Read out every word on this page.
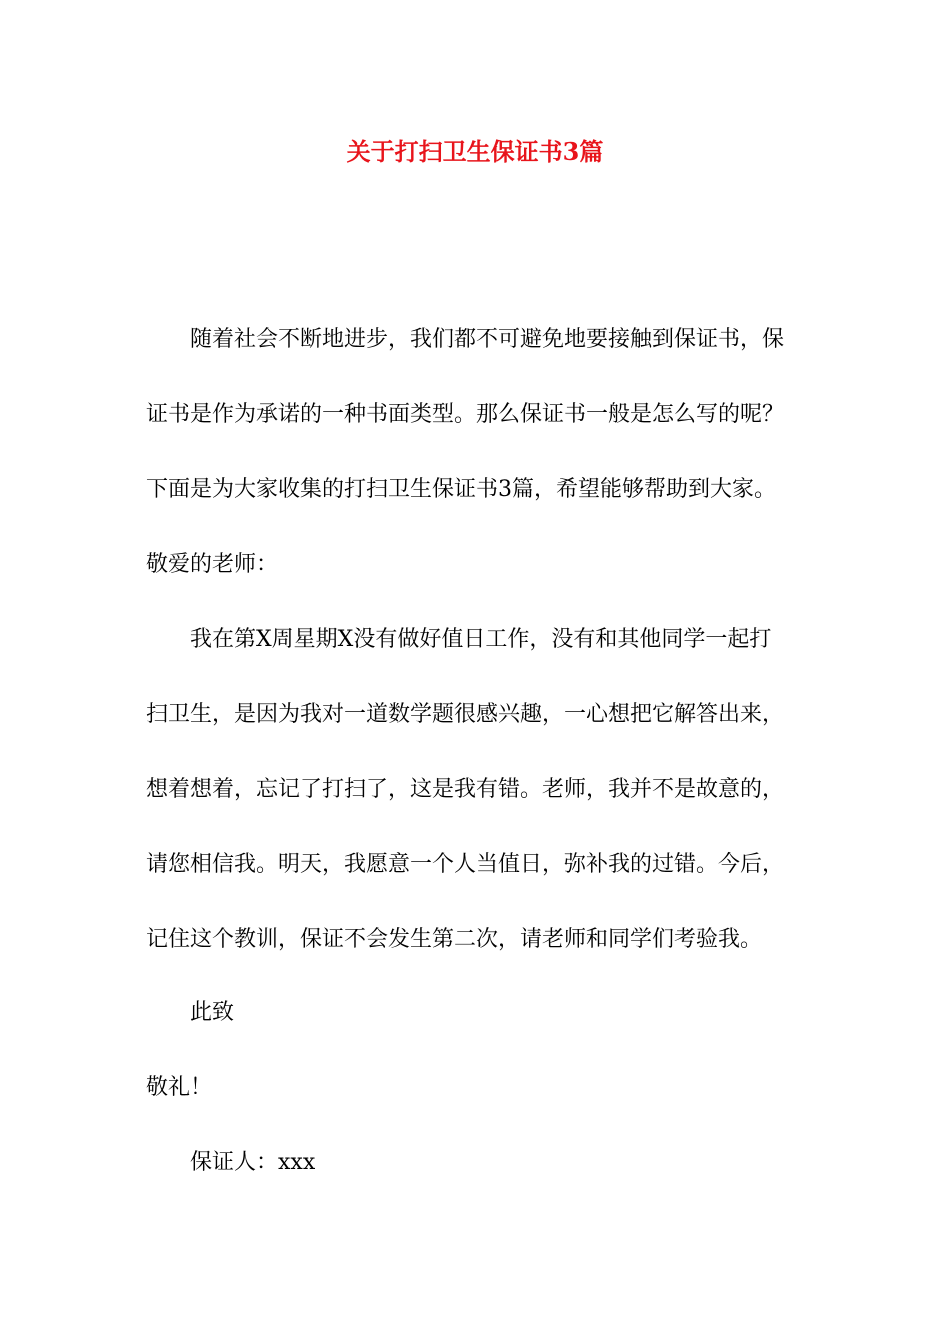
关于打扫卫生保证书3篇
随着社会不断地进步，我们都不可避免地要接触到保证书，保
证书是作为承诺的一种书面类型。那么保证书一般是怎么写的呢？
下面是为大家收集的打扫卫生保证书3篇，希望能够帮助到大家。
敬爱的老师：
我在第X周星期X没有做好值日工作，没有和其他同学一起打
扫卫生，是因为我对一道数学题很感兴趣，一心想把它解答出来，
想着想着，忘记了打扫了，这是我有错。老师，我并不是故意的，
请您相信我。明天，我愿意一个人当值日，弥补我的过错。今后，
记住这个教训，保证不会发生第二次，请老师和同学们考验我。
此致
敬礼！
保证人：xxx
